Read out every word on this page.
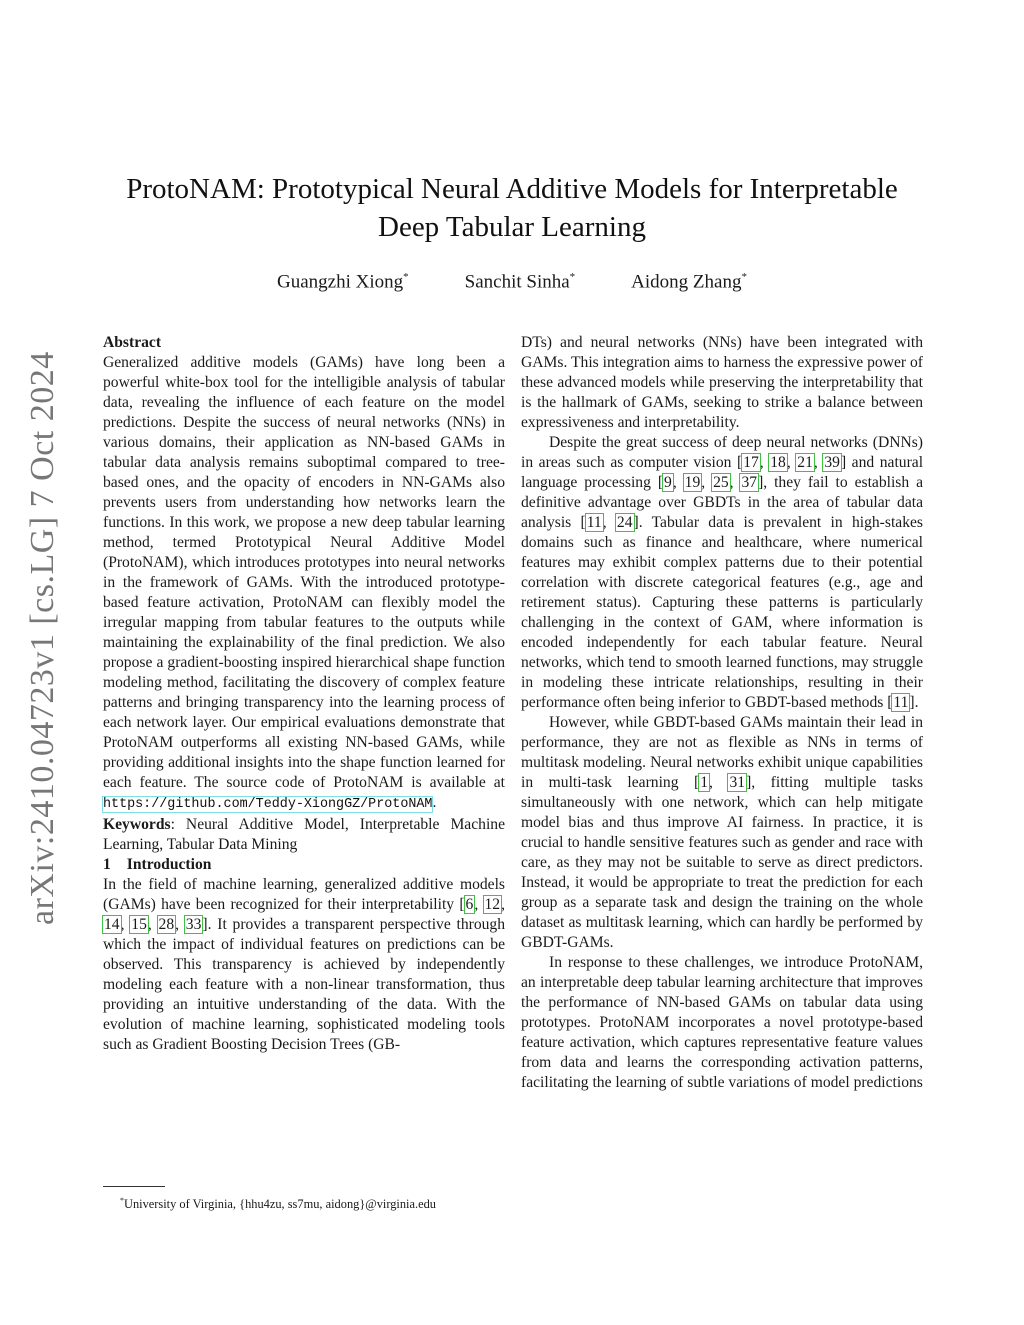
arXiv:2410.04723v1 [cs.LG] 7 Oct 2024
ProtoNAM: Prototypical Neural Additive Models for Interpretable
Deep Tabular Learning
Guangzhi Xiong*	Sanchit Sinha*	Aidong Zhang*

Abstract

Generalized additive models (GAMs) have long been a powerful white-box tool for the intelligible analysis of tabular data, revealing the influence of each feature on the model predictions. Despite the success of neural networks (NNs) in various domains, their application as NN-based GAMs in tabular data analysis remains suboptimal compared to tree-based ones, and the opacity of encoders in NN-GAMs also prevents users from understanding how networks learn the functions. In this work, we propose a new deep tabular learning method, termed Prototypical Neural Additive Model (ProtoNAM), which introduces prototypes into neural networks in the framework of GAMs. With the introduced prototype-based feature activation, ProtoNAM can flexibly model the irregular mapping from tabular features to the outputs while maintaining the explainability of the final prediction. We also propose a gradient-boosting inspired hierarchical shape function modeling method, facilitating the discovery of complex feature patterns and bringing transparency into the learning process of each network layer. Our empirical evaluations demonstrate that ProtoNAM outperforms all existing NN-based GAMs, while providing additional insights into the shape function learned for each feature. The source code of ProtoNAM is available at https://github.com/Teddy-XiongGZ/ProtoNAM.

Keywords: Neural Additive Model, Interpretable Machine Learning, Tabular Data Mining

1 Introduction

In the field of machine learning, generalized additive models (GAMs) have been recognized for their interpretability [6, 12, 14, 15, 28, 33]. It provides a transparent perspective through which the impact of individual features on predictions can be observed. This transparency is achieved by independently modeling each feature with a non-linear transformation, thus providing an intuitive understanding of the data. With the evolution of machine learning, sophisticated modeling tools such as Gradient Boosting Decision Trees (GB-

DTs) and neural networks (NNs) have been integrated with GAMs. This integration aims to harness the expressive power of these advanced models while preserving the interpretability that is the hallmark of GAMs, seeking to strike a balance between expressiveness and interpretability.

Despite the great success of deep neural networks (DNNs) in areas such as computer vision [17, 18, 21, 39] and natural language processing [9, 19, 25, 37], they fail to establish a definitive advantage over GBDTs in the area of tabular data analysis [11, 24]. Tabular data is prevalent in high-stakes domains such as finance and healthcare, where numerical features may exhibit complex patterns due to their potential correlation with discrete categorical features (e.g., age and retirement status). Capturing these patterns is particularly challenging in the context of GAM, where information is encoded independently for each tabular feature. Neural networks, which tend to smooth learned functions, may struggle in modeling these intricate relationships, resulting in their performance often being inferior to GBDT-based methods [11].

However, while GBDT-based GAMs maintain their lead in performance, they are not as flexible as NNs in terms of multitask modeling. Neural networks exhibit unique capabilities in multi-task learning [1, 31], fitting multiple tasks simultaneously with one network, which can help mitigate model bias and thus improve AI fairness. In practice, it is crucial to handle sensitive features such as gender and race with care, as they may not be suitable to serve as direct predictors. Instead, it would be appropriate to treat the prediction for each group as a separate task and design the training on the whole dataset as multitask learning, which can hardly be performed by GBDT-GAMs.

In response to these challenges, we introduce ProtoNAM, an interpretable deep tabular learning architecture that improves the performance of NN-based GAMs on tabular data using prototypes. ProtoNAM incorporates a novel prototype-based feature activation, which captures representative feature values from data and learns the corresponding activation patterns, facilitating the learning of subtle variations of model predictions

*University of Virginia, {hhu4zu, ss7mu, aidong}@virginia.edu
